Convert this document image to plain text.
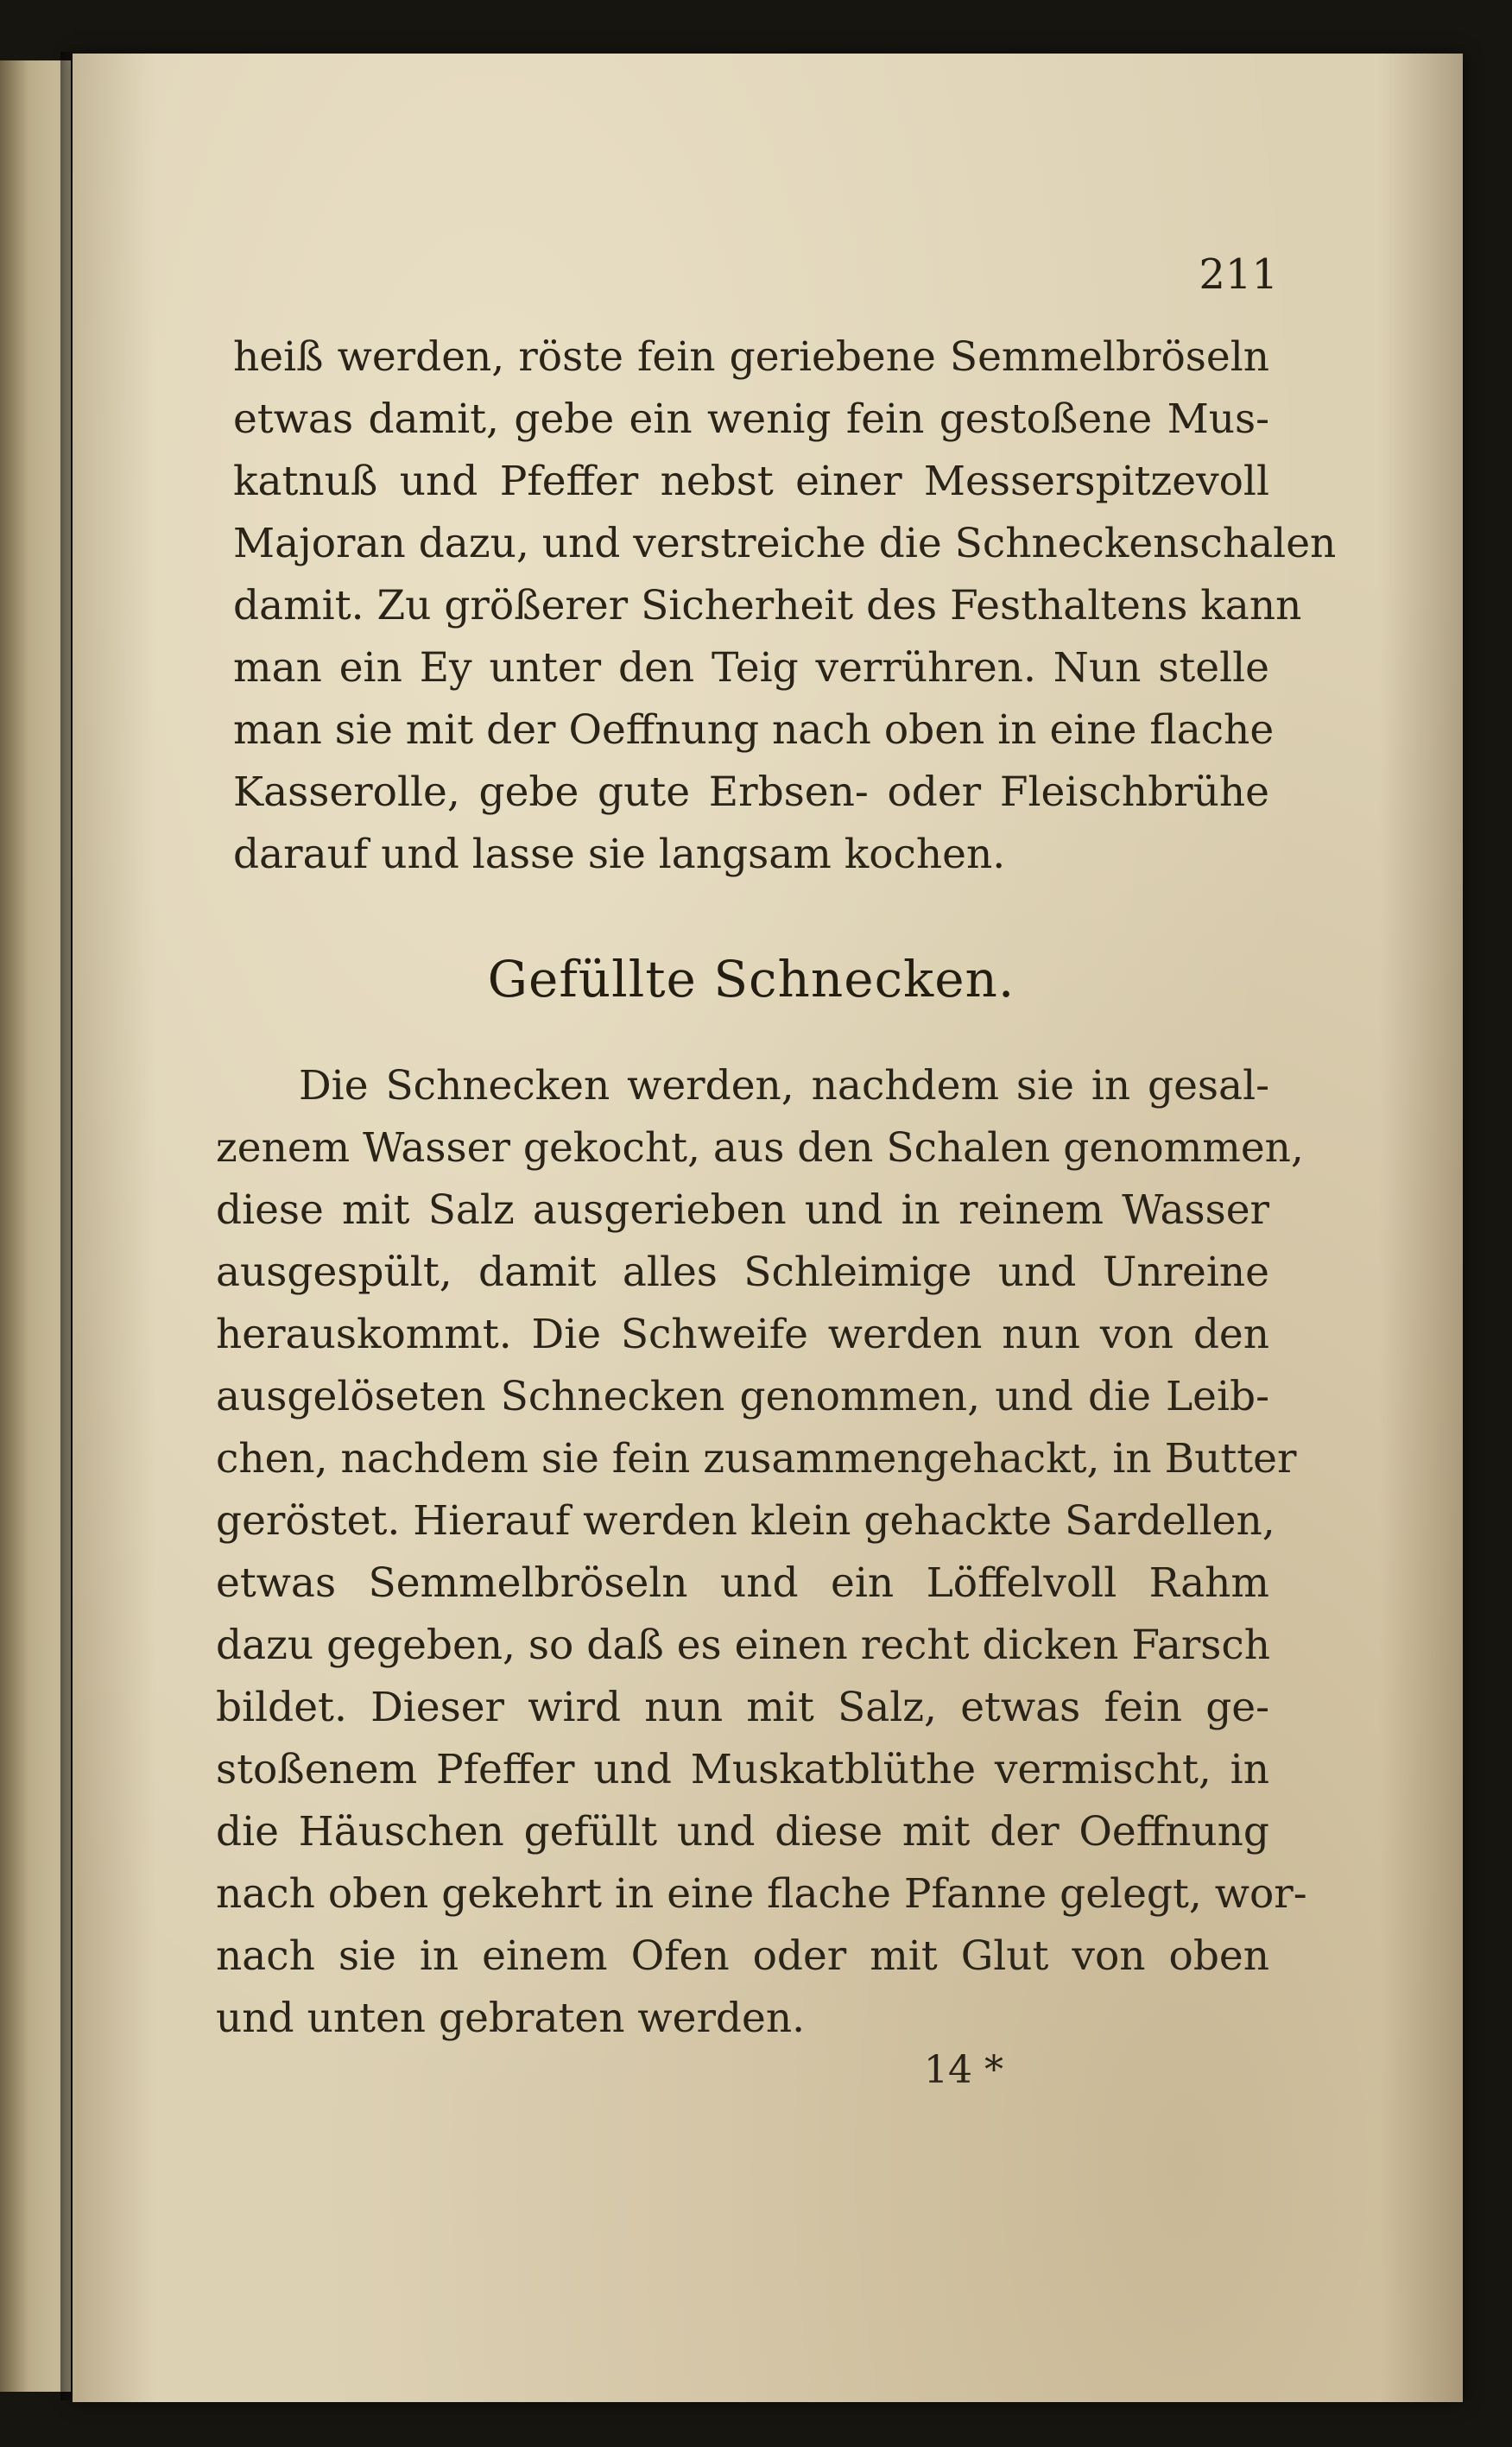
211
heiß werden, röste fein geriebene Semmelbröseln
etwas damit, gebe ein wenig fein gestoßene Mus-
katnuß und Pfeffer nebst einer Messerspitzevoll
Majoran dazu, und verstreiche die Schneckenschalen
damit. Zu größerer Sicherheit des Festhaltens kann
man ein Ey unter den Teig verrühren. Nun stelle
man sie mit der Oeffnung nach oben in eine flache
Kasserolle, gebe gute Erbsen- oder Fleischbrühe
darauf und lasse sie langsam kochen.
Gefüllte Schnecken.
Die Schnecken werden, nachdem sie in gesal-
zenem Wasser gekocht, aus den Schalen genommen,
diese mit Salz ausgerieben und in reinem Wasser
ausgespült, damit alles Schleimige und Unreine
herauskommt. Die Schweife werden nun von den
ausgelöseten Schnecken genommen, und die Leib-
chen, nachdem sie fein zusammengehackt, in Butter
geröstet. Hierauf werden klein gehackte Sardellen,
etwas Semmelbröseln und ein Löffelvoll Rahm
dazu gegeben, so daß es einen recht dicken Farsch
bildet. Dieser wird nun mit Salz, etwas fein ge-
stoßenem Pfeffer und Muskatblüthe vermischt, in
die Häuschen gefüllt und diese mit der Oeffnung
nach oben gekehrt in eine flache Pfanne gelegt, wor-
nach sie in einem Ofen oder mit Glut von oben
und unten gebraten werden.
14 *
